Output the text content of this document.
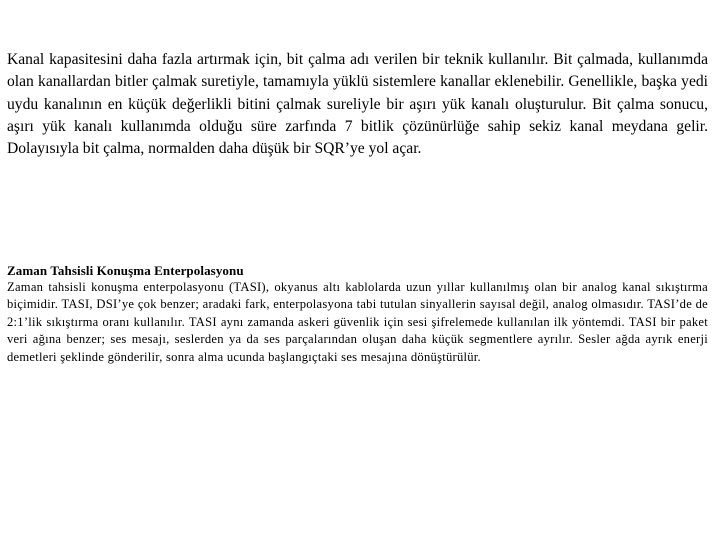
Kanal kapasitesini daha fazla artırmak için, bit çalma adı verilen bir teknik kullanılır. Bit çalmada, kullanımda olan kanallardan bitler çalmak suretiyle, tamamıyla yüklü sistemlere kanallar eklenebilir. Genellikle, başka yedi uydu kanalının en küçük değerlikli bitini çalmak sureliyle bir aşırı yük kanalı oluşturulur. Bit çalma sonucu, aşırı yük kanalı kullanımda olduğu süre zarfında 7 bitlik çözünürlüğe sahip sekiz kanal meydana gelir. Dolayısıyla bit çalma, normalden daha düşük bir SQR’ye yol açar.

Zaman Tahsisli Konuşma Enterpolasyonu

Zaman tahsisli konuşma enterpolasyonu (TASI), okyanus altı kablolarda uzun yıllar kullanılmış olan bir analog kanal sıkıştırma biçimidir. TASI, DSI’ye çok benzer; aradaki fark, enterpolasyona tabi tutulan sinyallerin sayısal değil, analog olmasıdır. TASI’de de 2:1’lik sıkıştırma oranı kullanılır. TASI aynı zamanda askeri güvenlik için sesi şifrelemede kullanılan ilk yöntemdi. TASI bir paket veri ağına benzer; ses mesajı, seslerden ya da ses parçalarından oluşan daha küçük segmentlere ayrılır. Sesler ağda ayrık enerji demetleri şeklinde gönderilir, sonra alma ucunda başlangıçtaki ses mesajına dönüştürülür.
